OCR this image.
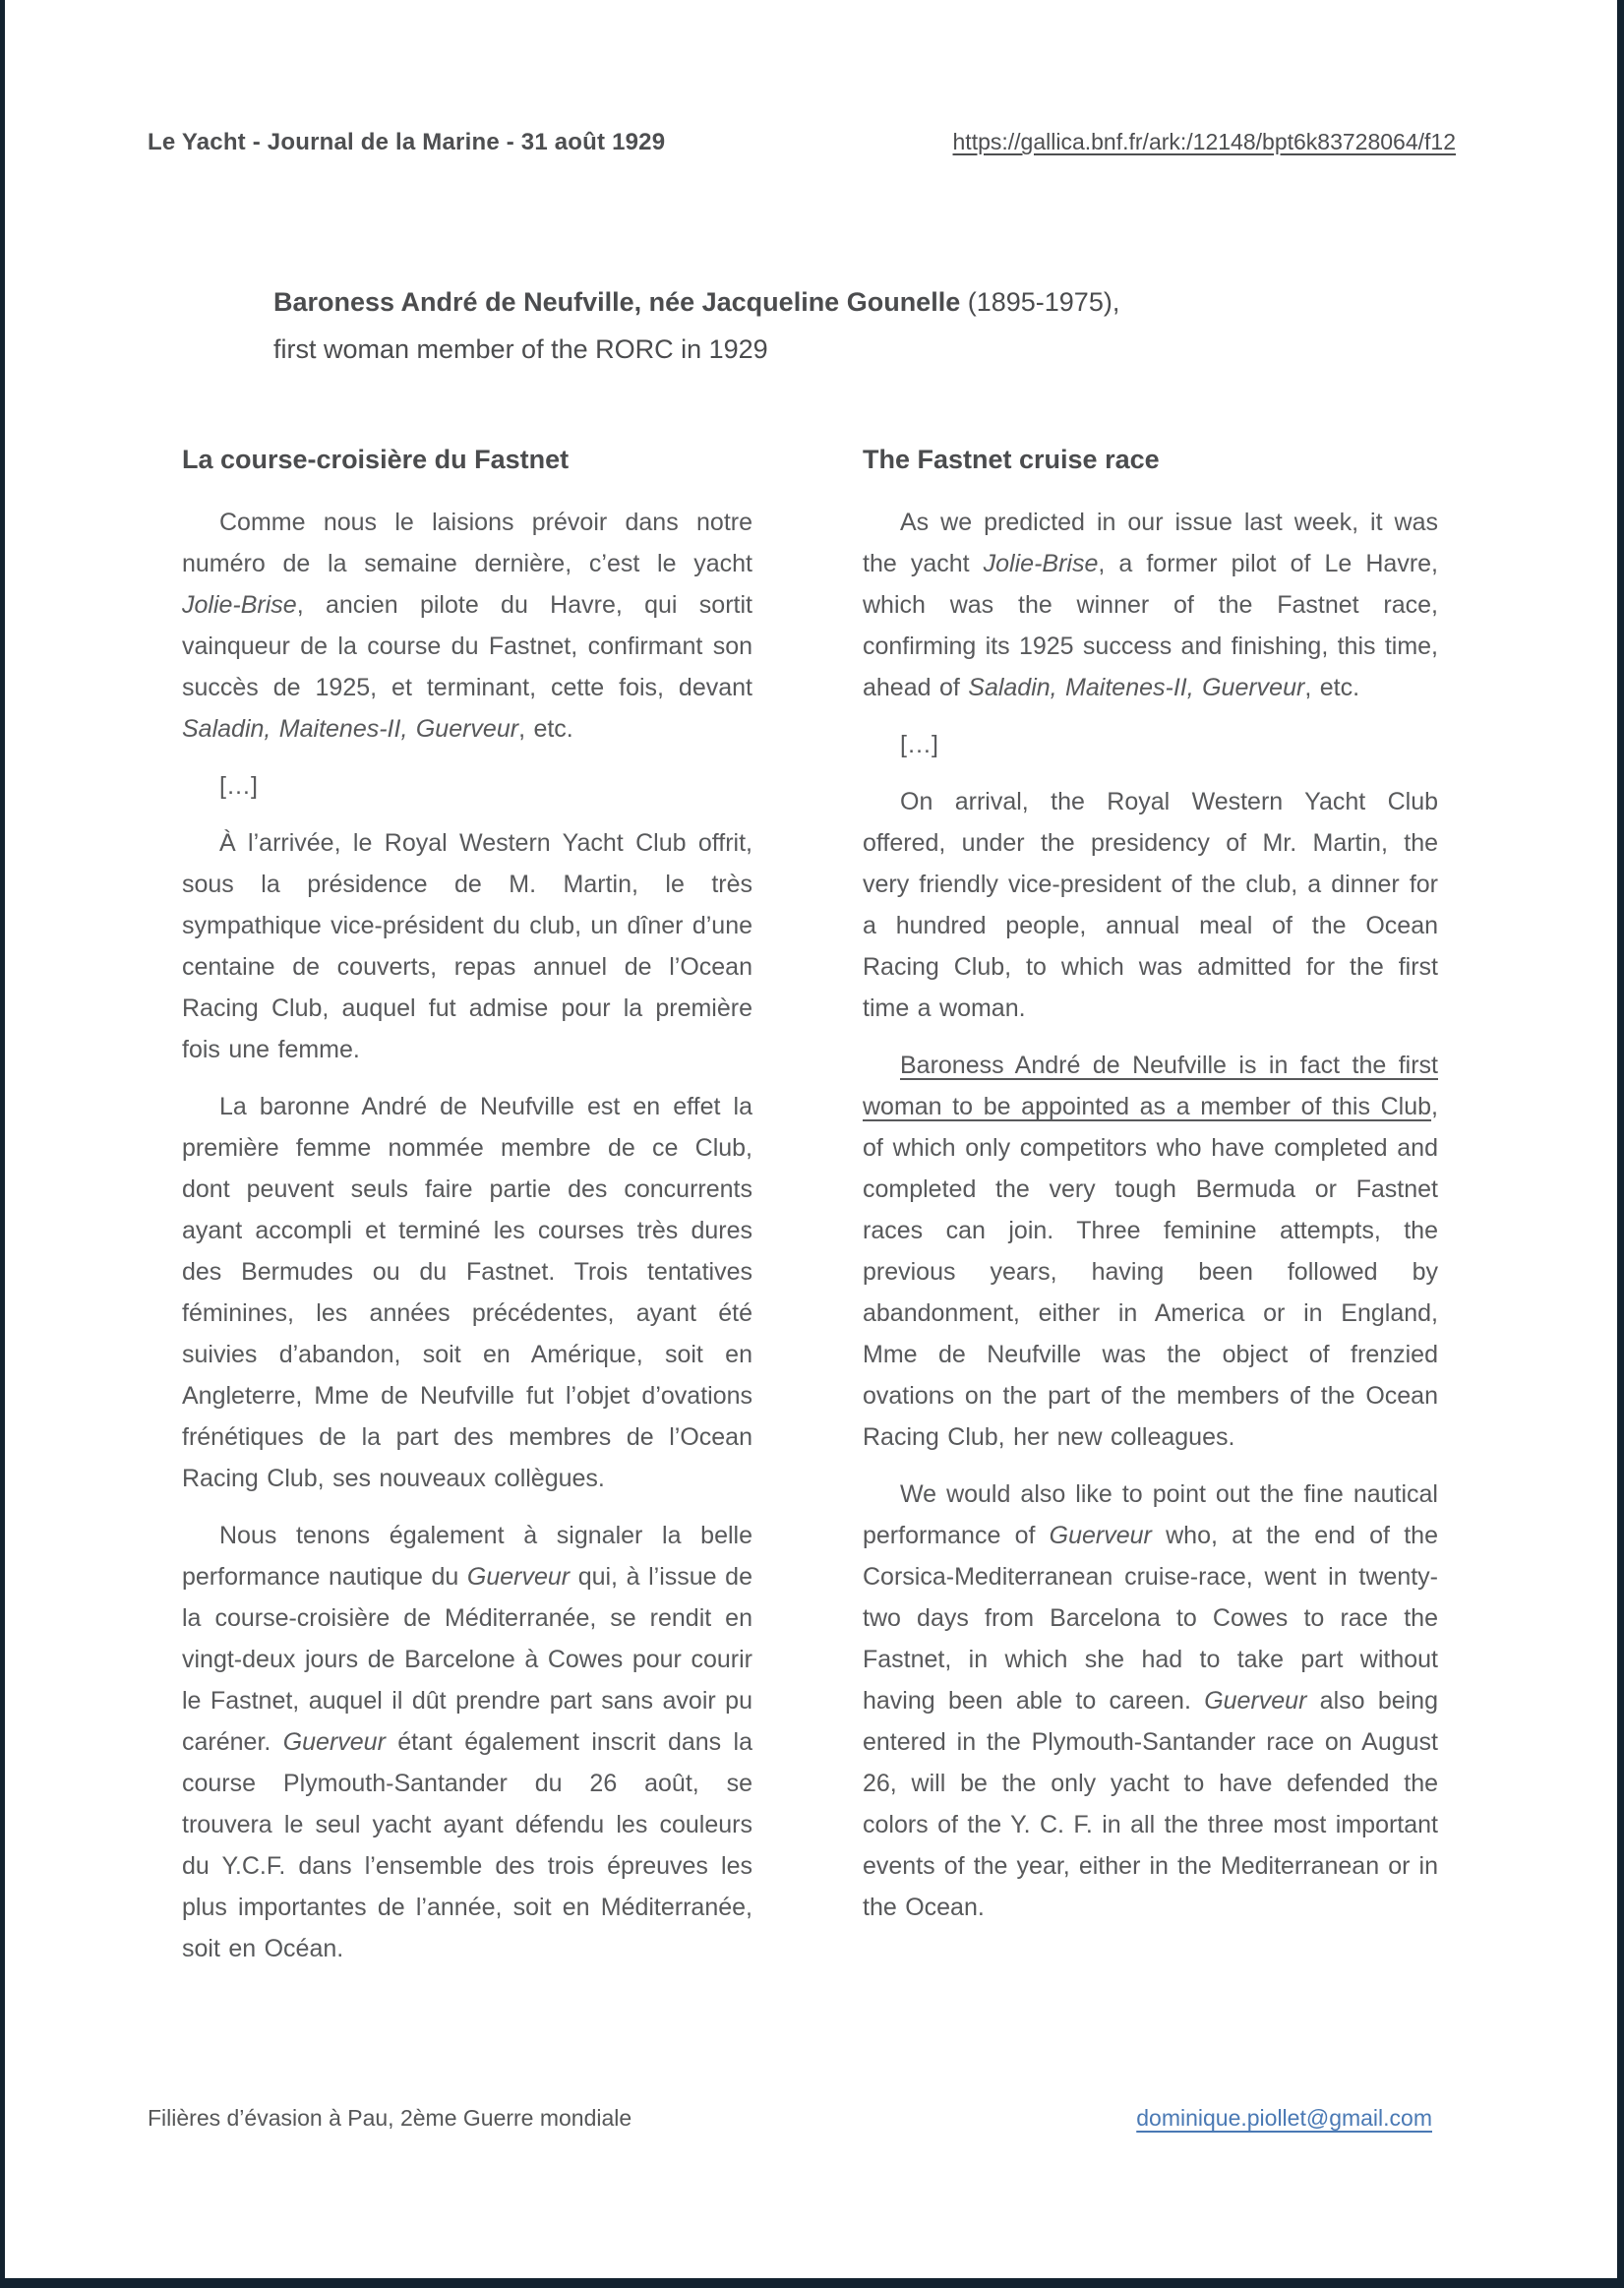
Le Yacht - Journal de la Marine - 31 août 1929	https://gallica.bnf.fr/ark:/12148/bpt6k83728064/f12
Baroness André de Neufville, née Jacqueline Gounelle (1895-1975),
first woman member of the RORC in 1929
La course-croisière du Fastnet

Comme nous le laisions prévoir dans notre numéro de la semaine dernière, c’est le yacht Jolie-Brise, ancien pilote du Havre, qui sortit vainqueur de la course du Fastnet, confirmant son succès de 1925, et terminant, cette fois, devant Saladin, Maitenes-II, Guerveur, etc.

[…]

À l’arrivée, le Royal Western Yacht Club offrit, sous la présidence de M. Martin, le très sympathique vice-président du club, un dîner d’une centaine de couverts, repas annuel de l’Ocean Racing Club, auquel fut admise pour la première fois une femme.

La baronne André de Neufville est en effet la première femme nommée membre de ce Club, dont peuvent seuls faire partie des concurrents ayant accompli et terminé les courses très dures des Bermudes ou du Fastnet. Trois tentatives féminines, les années précédentes, ayant été suivies d’abandon, soit en Amérique, soit en Angleterre, Mme de Neufville fut l’objet d’ovations frénétiques de la part des membres de l’Ocean Racing Club, ses nouveaux collègues.

Nous tenons également à signaler la belle performance nautique du Guerveur qui, à l’issue de la course-croisière de Méditerranée, se rendit en vingt-deux jours de Barcelone à Cowes pour courir le Fastnet, auquel il dût prendre part sans avoir pu caréner. Guerveur étant également inscrit dans la course Plymouth-Santander du 26 août, se trouvera le seul yacht ayant défendu les couleurs du Y.C.F. dans l’ensemble des trois épreuves les plus importantes de l’année, soit en Méditerranée, soit en Océan.

The Fastnet cruise race

As we predicted in our issue last week, it was the yacht Jolie-Brise, a former pilot of Le Havre, which was the winner of the Fastnet race, confirming its 1925 success and finishing, this time, ahead of Saladin, Maitenes-II, Guerveur, etc.

[…]

On arrival, the Royal Western Yacht Club offered, under the presidency of Mr. Martin, the very friendly vice-president of the club, a dinner for a hundred people, annual meal of the Ocean Racing Club, to which was admitted for the first time a woman.

Baroness André de Neufville is in fact the first woman to be appointed as a member of this Club, of which only competitors who have completed and completed the very tough Bermuda or Fastnet races can join. Three feminine attempts, the previous years, having been followed by abandonment, either in America or in England, Mme de Neufville was the object of frenzied ovations on the part of the members of the Ocean Racing Club, her new colleagues.

We would also like to point out the fine nautical performance of Guerveur who, at the end of the Corsica-Mediterranean cruise-race, went in twenty-two days from Barcelona to Cowes to race the Fastnet, in which she had to take part without having been able to careen. Guerveur also being entered in the Plymouth-Santander race on August 26, will be the only yacht to have defended the colors of the Y. C. F. in all the three most important events of the year, either in the Mediterranean or in the Ocean.

Filières d’évasion à Pau, 2ème Guerre mondiale	dominique.piollet@gmail.com
